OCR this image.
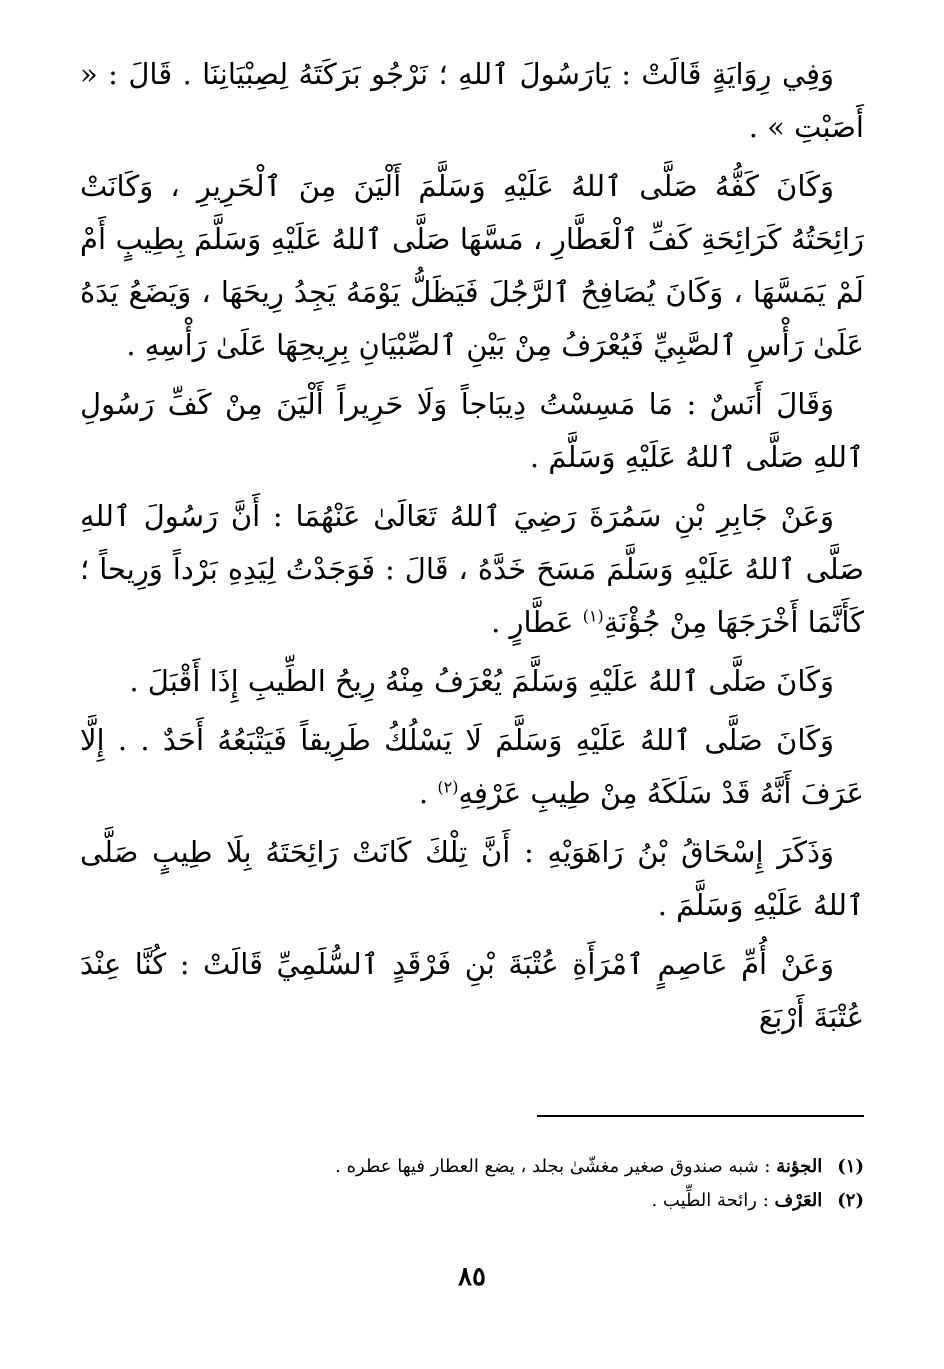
وَفِي رِوَايَةٍ قَالَتْ : يَارَسُولَ ٱللهِ ؛ نَرْجُو بَرَكَتَهُ لِصِبْيَانِنَا . قَالَ : « أَصَبْتِ » .

وَكَانَ كَفُّهُ صَلَّى ٱللهُ عَلَيْهِ وَسَلَّمَ أَلْيَنَ مِنَ ٱلْحَرِيرِ ، وَكَانَتْ رَائِحَتُهُ كَرَائِحَةِ كَفِّ ٱلْعَطَّارِ ، مَسَّهَا صَلَّى ٱللهُ عَلَيْهِ وَسَلَّمَ بِطِيبٍ أَمْ لَمْ يَمَسَّهَا ، وَكَانَ يُصَافِحُ ٱلرَّجُلَ فَيَظَلُّ يَوْمَهُ يَجِدُ رِيحَهَا ، وَيَضَعُ يَدَهُ عَلَىٰ رَأْسِ ٱلصَّبِيِّ فَيُعْرَفُ مِنْ بَيْنِ ٱلصِّبْيَانِ بِرِيحِهَا عَلَىٰ رَأْسِهِ .

وَقَالَ أَنَسٌ : مَا مَسِسْتُ دِيبَاجاً وَلَا حَرِيراً أَلْيَنَ مِنْ كَفِّ رَسُولِ ٱللهِ صَلَّى ٱللهُ عَلَيْهِ وَسَلَّمَ .

وَعَنْ جَابِرِ بْنِ سَمُرَةَ رَضِيَ ٱللهُ تَعَالَىٰ عَنْهُمَا : أَنَّ رَسُولَ ٱللهِ صَلَّى ٱللهُ عَلَيْهِ وَسَلَّمَ مَسَحَ خَدَّهُ ، قَالَ : فَوَجَدْتُ لِيَدِهِ بَرْداً وَرِيحاً ؛ كَأَنَّمَا أَخْرَجَهَا مِنْ جُؤْنَةِ$^{(١)}$ عَطَّارٍ .

وَكَانَ صَلَّى ٱللهُ عَلَيْهِ وَسَلَّمَ يُعْرَفُ مِنْهُ رِيحُ الطِّيبِ إِذَا أَقْبَلَ .

وَكَانَ صَلَّى ٱللهُ عَلَيْهِ وَسَلَّمَ لَا يَسْلُكُ طَرِيقاً فَيَتْبَعُهُ أَحَدٌ . . إِلَّا عَرَفَ أَنَّهُ قَدْ سَلَكَهُ مِنْ طِيبِ عَرْفِهِ$^{(٢)}$ .

وَذَكَرَ إِسْحَاقُ بْنُ رَاهَوَيْهِ : أَنَّ تِلْكَ كَانَتْ رَائِحَتَهُ بِلَا طِيبٍ صَلَّى ٱللهُ عَلَيْهِ وَسَلَّمَ .

وَعَنْ أُمِّ عَاصِمٍ ٱمْرَأَةِ عُتْبَةَ بْنِ فَرْقَدٍ ٱلسُّلَمِيِّ قَالَتْ : كُنَّا عِنْدَ عُتْبَةَ أَرْبَعَ

(١) الجؤنة : شبه صندوق صغير مغشّىٰ بجلد ، يضع العطار فيها عطره .

(٢) العَرْف : رائحة الطِّيب .

٨٥
